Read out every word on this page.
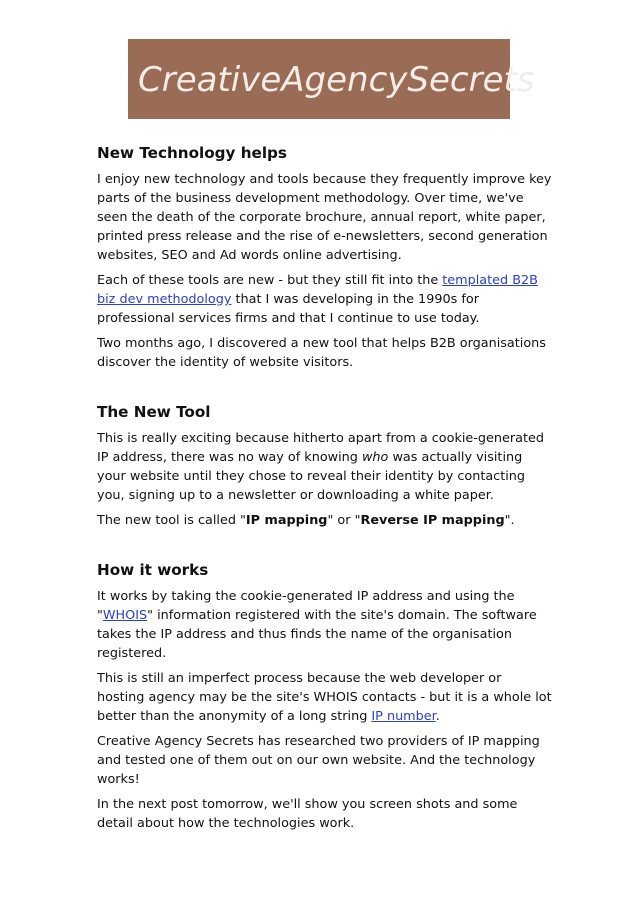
CreativeAgencySecrets
New Technology helps

I enjoy new technology and tools because they frequently improve key parts of the business development methodology. Over time, we've seen the death of the corporate brochure, annual report, white paper, printed press release and the rise of e-newsletters, second generation websites, SEO and Ad words online advertising.

Each of these tools are new - but they still fit into the templated B2B biz dev methodology that I was developing in the 1990s for professional services firms and that I continue to use today.

Two months ago, I discovered a new tool that helps B2B organisations discover the identity of website visitors.

The New Tool

This is really exciting because hitherto apart from a cookie-generated IP address, there was no way of knowing who was actually visiting your website until they chose to reveal their identity by contacting you, signing up to a newsletter or downloading a white paper.

The new tool is called "IP mapping" or "Reverse IP mapping".

How it works

It works by taking the cookie-generated IP address and using the "WHOIS" information registered with the site's domain. The software takes the IP address and thus finds the name of the organisation registered.

This is still an imperfect process because the web developer or hosting agency may be the site's WHOIS contacts - but it is a whole lot better than the anonymity of a long string IP number.

Creative Agency Secrets has researched two providers of IP mapping and tested one of them out on our own website. And the technology works!

In the next post tomorrow, we'll show you screen shots and some detail about how the technologies work.
